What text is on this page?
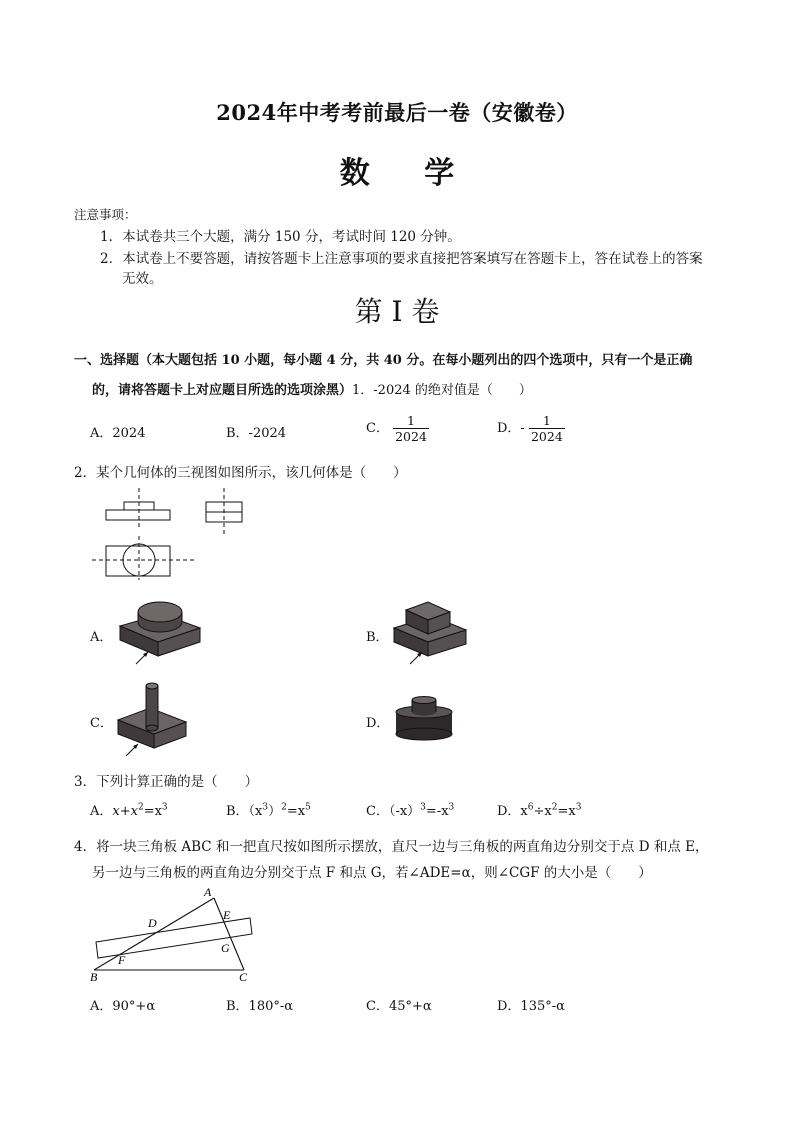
2024年中考考前最后一卷（安徽卷）
数 学
注意事项：
1．本试卷共三个大题，满分 150 分，考试时间 120 分钟。
2．本试卷上不要答题，请按答题卡上注意事项的要求直接把答案填写在答题卡上，答在试卷上的答案
无效。
第 I 卷
一、选择题（本大题包括 10 小题，每小题 4 分，共 40 分。在每小题列出的四个选项中，只有一个是正确
的，请将答题卡上对应题目所选的选项涂黑）1．-2024 的绝对值是（　　）
A．2024	B．-2024	C． $\frac{1}{2024}$	D．- $\frac{1}{2024}$
2．某个几何体的三视图如图所示，该几何体是（　　）
A．	B．
C．	D．
3．下列计算正确的是（　　）
A．$x+x^2=x^3$	B．$(x^3)^2=x^5$	C．$(-x)^3=-x^3$	D．$x^6\div x^2=x^3$
4．将一块三角板 ABC 和一把直尺按如图所示摆放，直尺一边与三角板的两直角边分别交于点 D 和点 E，
另一边与三角板的两直角边分别交于点 F 和点 G，若∠ADE=α，则∠CGF 的大小是（　　）
A
B	C
D
E
F
G
A．90°+α	B．180°-α	C．45°+α	D．135°-α
